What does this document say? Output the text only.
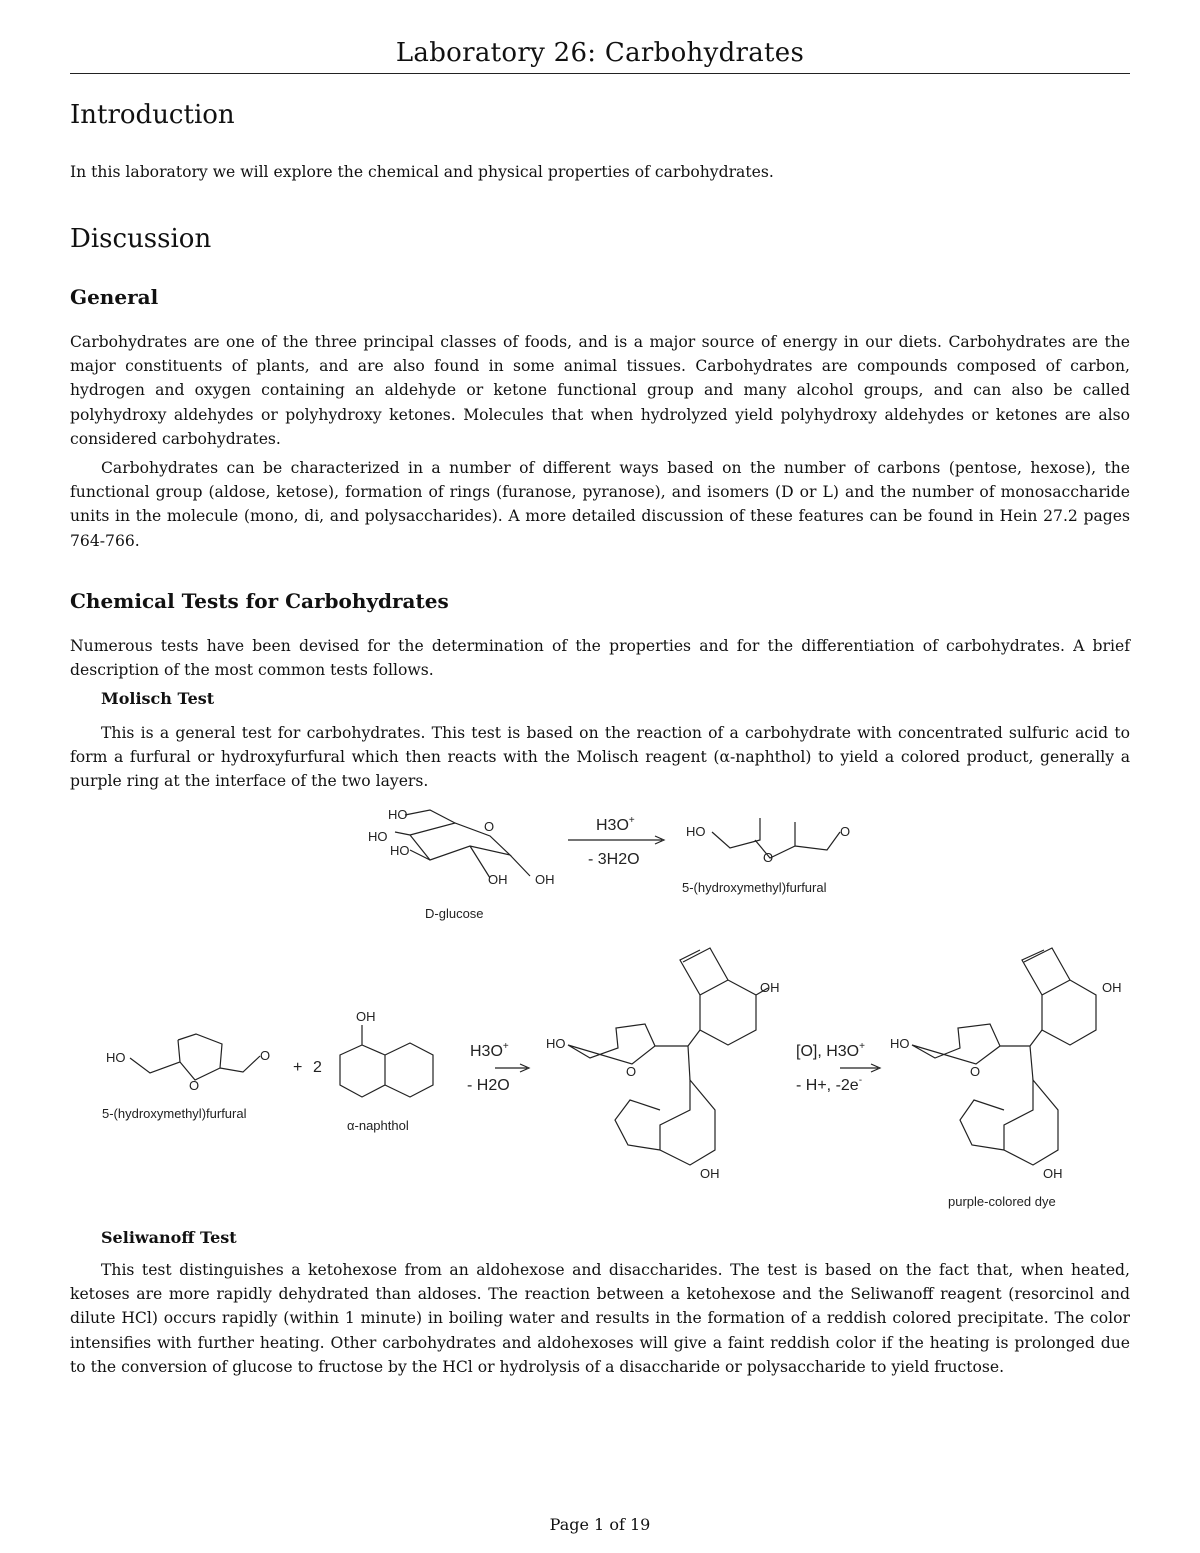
Laboratory 26: Carbohydrates
Introduction
In this laboratory we will explore the chemical and physical properties of carbohydrates.
Discussion
General
Carbohydrates are one of the three principal classes of foods, and is a major source of energy in our diets. Carbohydrates are the major constituents of plants, and are also found in some animal tissues. Carbohydrates are compounds composed of carbon, hydrogen and oxygen containing an aldehyde or ketone functional group and many alcohol groups, and can also be called polyhydroxy aldehydes or polyhydroxy ketones. Molecules that when hydrolyzed yield polyhydroxy aldehydes or ketones are also considered carbohydrates.
Carbohydrates can be characterized in a number of different ways based on the number of carbons (pentose, hexose), the functional group (aldose, ketose), formation of rings (furanose, pyranose), and isomers (D or L) and the number of monosaccharide units in the molecule (mono, di, and polysaccharides). A more detailed discussion of these features can be found in Hein 27.2 pages 764-766.
Chemical Tests for Carbohydrates
Numerous tests have been devised for the determination of the properties and for the differentiation of carbohydrates. A brief description of the most common tests follows.
Molisch Test
This is a general test for carbohydrates. This test is based on the reaction of a carbohydrate with concentrated sulfuric acid to form a furfural or hydroxyfurfural which then reacts with the Molisch reagent (α-naphthol) to yield a colored product, generally a purple ring at the interface of the two layers.
Seliwanoff Test
This test distinguishes a ketohexose from an aldohexose and disaccharides. The test is based on the fact that, when heated, ketoses are more rapidly dehydrated than aldoses. The reaction between a ketohexose and the Seliwanoff reagent (resorcinol and dilute HCl) occurs rapidly (within 1 minute) in boiling water and results in the formation of a reddish colored precipitate. The color intensifies with further heating. Other carbohydrates and aldohexoses will give a faint reddish color if the heating is prolonged due to the conversion of glucose to fructose by the HCl or hydrolysis of a disaccharide or polysaccharide to yield fructose.
HO
HO
HO
O
OH OH
D-glucose
H3O+
- 3H2O
HO
O
O
5-(hydroxymethyl)furfural
HO
O
O
5-(hydroxymethyl)furfural
+ 2
OH
α-naphthol
H3O+
- H2O
HO
O
OH
OH
[O], H3O+
- H+, -2e-
HO
O
OH
OH
purple-colored dye
Page 1 of 19
